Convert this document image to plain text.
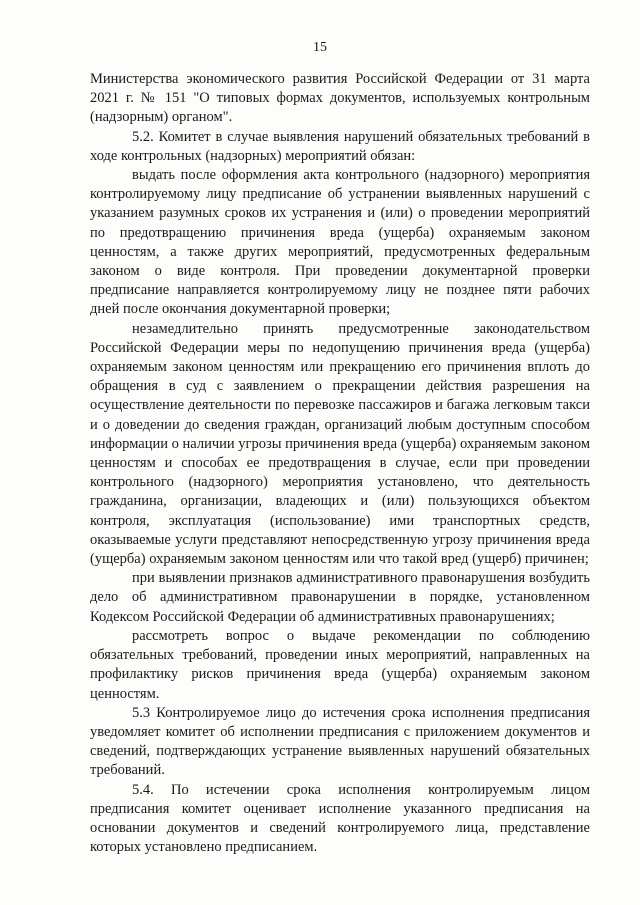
15

Министерства экономического развития Российской Федерации от 31 марта 2021 г. № 151 "О типовых формах документов, используемых контрольным (надзорным) органом".

5.2. Комитет в случае выявления нарушений обязательных требований в ходе контрольных (надзорных) мероприятий обязан:

выдать после оформления акта контрольного (надзорного) мероприятия контролируемому лицу предписание об устранении выявленных нарушений с указанием разумных сроков их устранения и (или) о проведении мероприятий по предотвращению причинения вреда (ущерба) охраняемым законом ценностям, а также других мероприятий, предусмотренных федеральным законом о виде контроля. При проведении документарной проверки предписание направляется контролируемому лицу не позднее пяти рабочих дней после окончания документарной проверки;

незамедлительно принять предусмотренные законодательством Российской Федерации меры по недопущению причинения вреда (ущерба) охраняемым законом ценностям или прекращению его причинения вплоть до обращения в суд с заявлением о прекращении действия разрешения на осуществление деятельности по перевозке пассажиров и багажа легковым такси и о доведении до сведения граждан, организаций любым доступным способом информации о наличии угрозы причинения вреда (ущерба) охраняемым законом ценностям и способах ее предотвращения в случае, если при проведении контрольного (надзорного) мероприятия установлено, что деятельность гражданина, организации, владеющих и (или) пользующихся объектом контроля, эксплуатация (использование) ими транспортных средств, оказываемые услуги представляют непосредственную угрозу причинения вреда (ущерба) охраняемым законом ценностям или что такой вред (ущерб) причинен;

при выявлении признаков административного правонарушения возбудить дело об административном правонарушении в порядке, установленном Кодексом Российской Федерации об административных правонарушениях;

рассмотреть вопрос о выдаче рекомендации по соблюдению обязательных требований, проведении иных мероприятий, направленных на профилактику рисков причинения вреда (ущерба) охраняемым законом ценностям.

5.3 Контролируемое лицо до истечения срока исполнения предписания уведомляет комитет об исполнении предписания с приложением документов и сведений, подтверждающих устранение выявленных нарушений обязательных требований.

5.4. По истечении срока исполнения контролируемым лицом предписания комитет оценивает исполнение указанного предписания на основании документов и сведений контролируемого лица, представление которых установлено предписанием.
